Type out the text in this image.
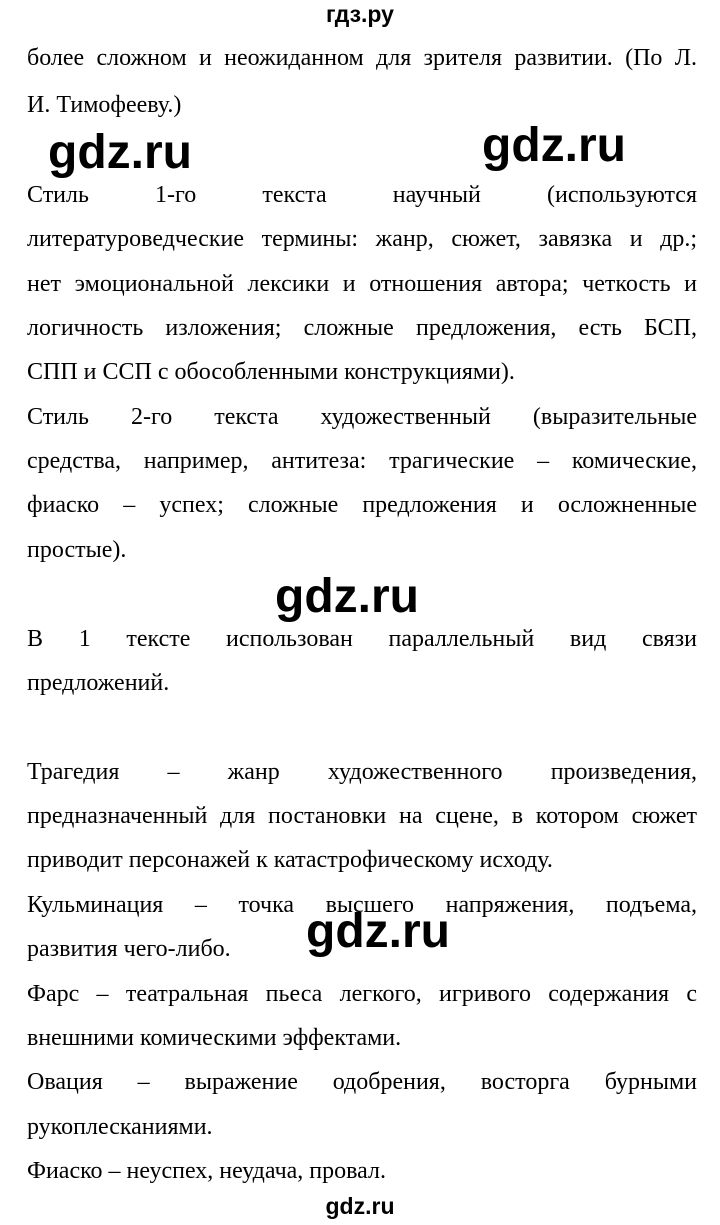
гдз.ру
более сложном и неожиданном для зрителя развитии. (По Л.
И. Тимофееву.)
Стиль 1-го текста научный (используются
литературоведческие термины: жанр, сюжет, завязка и др.;
нет эмоциональной лексики и отношения автора; четкость и
логичность изложения; сложные предложения, есть БСП,
СПП и ССП с обособленными конструкциями).
Стиль 2-го текста художественный (выразительные
средства, например, антитеза: трагические – комические,
фиаско – успех; сложные предложения и осложненные
простые).
В 1 тексте использован параллельный вид связи
предложений.
Трагедия – жанр художественного произведения,
предназначенный для постановки на сцене, в котором сюжет
приводит персонажей к катастрофическому исходу.
Кульминация – точка высшего напряжения, подъема,
развития чего-либо.
Фарс – театральная пьеса легкого, игривого содержания с
внешними комическими эффектами.
Овация – выражение одобрения, восторга бурными
рукоплесканиями.
Фиаско – неуспех, неудача, провал.
gdz.ru	gdz.ru
gdz.ru
gdz.ru
gdz.ru
